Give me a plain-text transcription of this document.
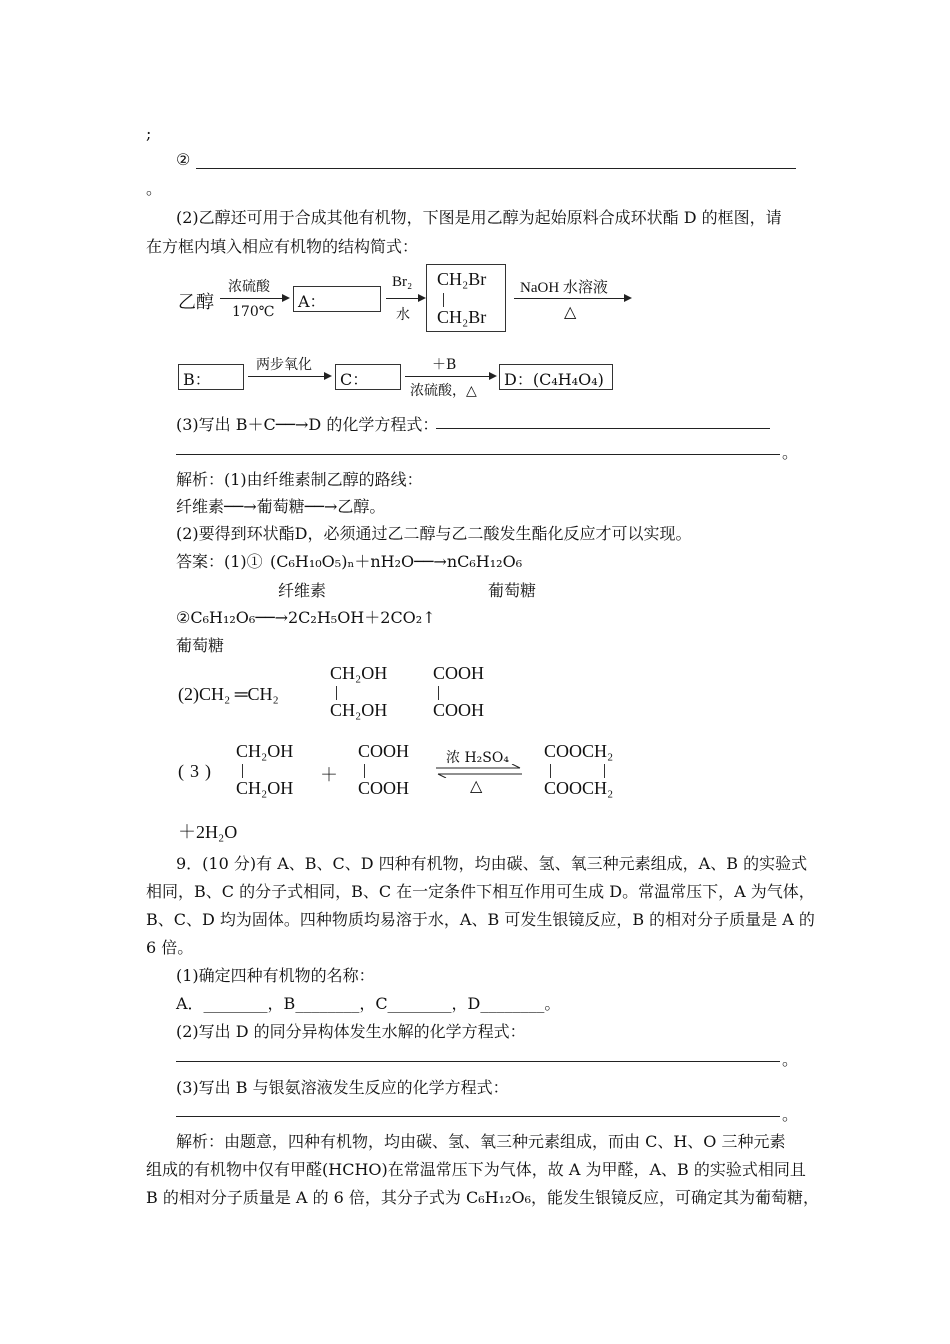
;
②
。
(2)乙醇还可用于合成其他有机物，下图是用乙醇为起始原料合成环状酯 D 的框图，请
在方框内填入相应有机物的结构简式：
乙醇
浓硫酸
170℃
A：
Br₂
水
CH₂Br
CH₂Br
NaOH 水溶液
△
B：
两步氧化
C：
＋B
浓硫酸，△
D：(C₄H₄O₄)
(3)写出 B＋C──→D 的化学方程式：
。
解析：(1)由纤维素制乙醇的路线：
纤维素──→葡萄糖──→乙醇。
(2)要得到环状酯D，必须通过乙二醇与乙二酸发生酯化反应才可以实现。
答案：(1)① (C₆H₁₀O₅)ₙ＋nH₂O──→nC₆H₁₂O₆
纤维素	葡萄糖
②C₆H₁₂O₆──→2C₂H₅OH＋2CO₂↑
葡萄糖
(2)CH₂ ═CH₂
CH₂OH
CH₂OH
COOH
COOH
(3)
CH₂OH
CH₂OH
＋
COOH
COOH
浓 H₂SO₄
△
COOCH₂
COOCH₂
＋2H₂O
9．(10 分)有 A、B、C、D 四种有机物，均由碳、氢、氧三种元素组成，A、B 的实验式
相同，B、C 的分子式相同，B、C 在一定条件下相互作用可生成 D。常温常压下，A 为气体，
B、C、D 均为固体。四种物质均易溶于水，A、B 可发生银镜反应，B 的相对分子质量是 A 的
6 倍。
(1)确定四种有机物的名称：
A．________，B________，C________，D________。
(2)写出 D 的同分异构体发生水解的化学方程式：
。
(3)写出 B 与银氨溶液发生反应的化学方程式：
。
解析：由题意，四种有机物，均由碳、氢、氧三种元素组成，而由 C、H、O 三种元素
组成的有机物中仅有甲醛(HCHO)在常温常压下为气体，故 A 为甲醛，A、B 的实验式相同且
B 的相对分子质量是 A 的 6 倍，其分子式为 C₆H₁₂O₆，能发生银镜反应，可确定其为葡萄糖，
